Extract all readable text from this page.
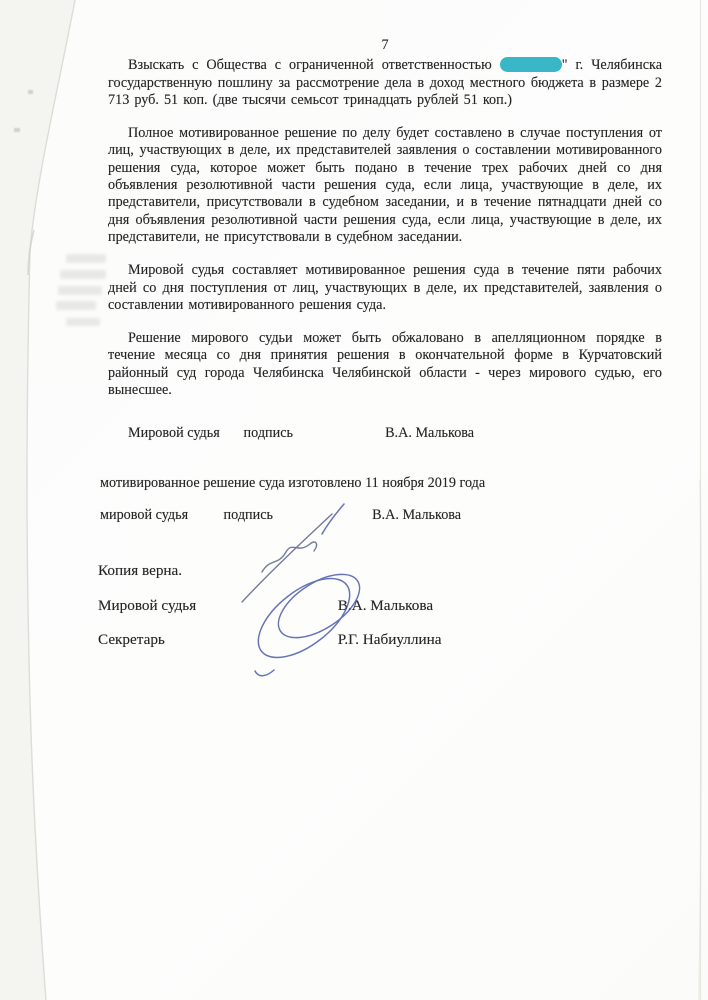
7

Взыскать с Общества с ограниченной ответственностью	" г. Челябинска государственную пошлину за рассмотрение дела в доход местного бюджета в размере 2 713 руб. 51 коп. (две тысячи семьсот тринадцать рублей 51 коп.)

Полное мотивированное решение по делу будет составлено в случае поступления от лиц, участвующих в деле, их представителей заявления о составлении мотивированного решения суда, которое может быть подано в течение трех рабочих дней со дня объявления резолютивной части решения суда, если лица, участвующие в деле, их представители, присутствовали в судебном заседании, и в течение пятнадцати дней со дня объявления резолютивной части решения суда, если лица, участвующие в деле, их представители, не присутствовали в судебном заседании.

Мировой судья составляет мотивированное решения суда в течение пяти рабочих дней со дня поступления от лиц, участвующих в деле, их представителей, заявления о составлении мотивированного решения суда.

Решение мирового судьи может быть обжаловано в апелляционном порядке в течение месяца со дня принятия решения в окончательной форме в Курчатовский районный суд города Челябинска Челябинской области - через мирового судью, его вынесшее.

Мировой судья подпись	В.А. Малькова
мотивированное решение суда изготовлено 11 ноября 2019 года
мировой судья подпись	В.А. Малькова
Копия верна.
Мировой судья	В.А. Малькова
Секретарь	Р.Г. Набиуллина
